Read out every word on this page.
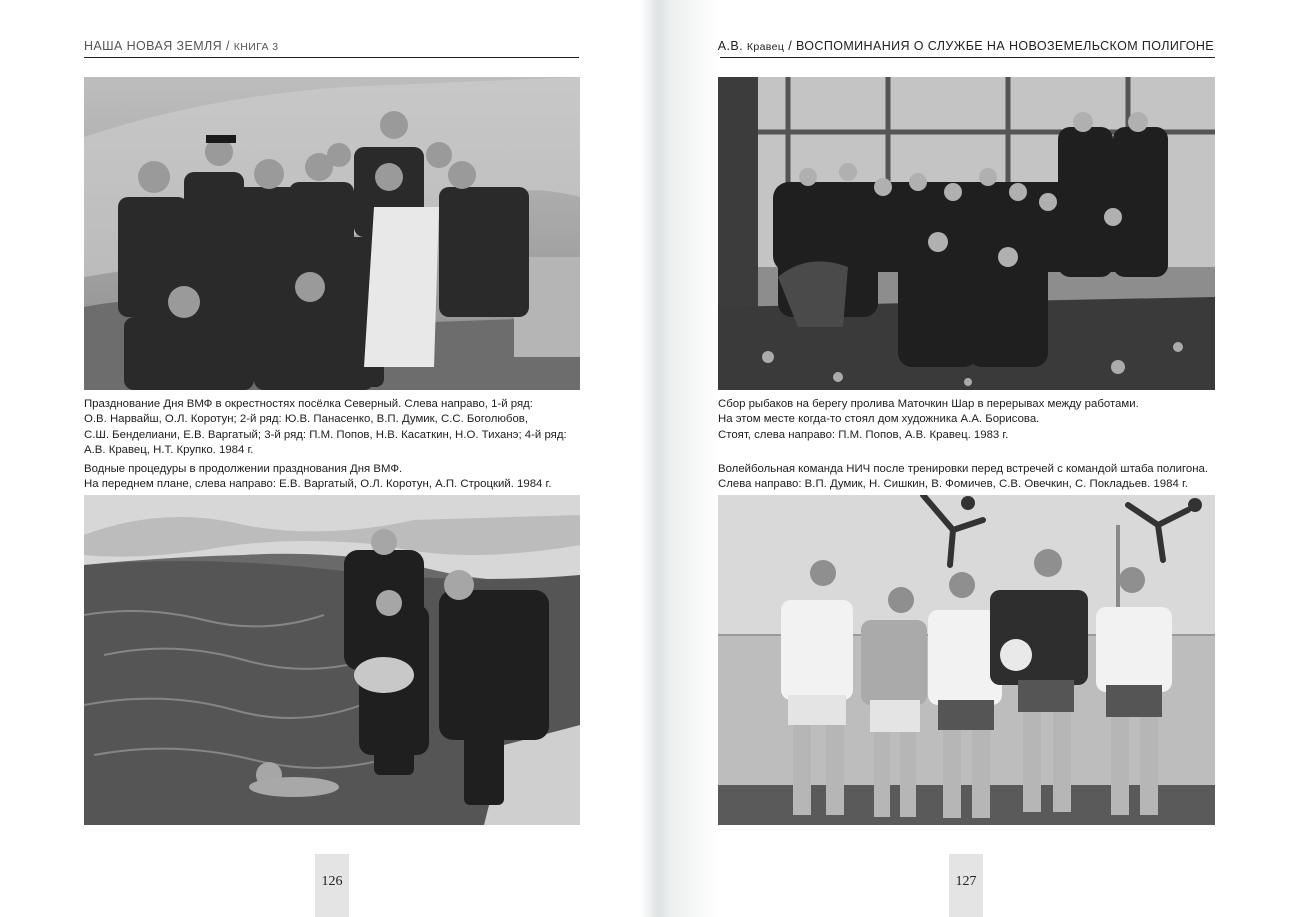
НАША НОВАЯ ЗЕМЛЯ / КНИГА 3	А.В. Кравец / ВОСПОМИНАНИЯ О СЛУЖБЕ НА НОВОЗЕМЕЛЬСКОМ ПОЛИГОНЕ
Празднование Дня ВМФ в окрестностях посёлка Северный. Слева направо, 1-й ряд:
О.В. Нарвайш, О.Л. Коротун; 2-й ряд: Ю.В. Панасенко, В.П. Думик, С.С. Боголюбов,
С.Ш. Бенделиани, Е.В. Варгатый; 3-й ряд: П.М. Попов, Н.В. Касаткин, Н.О. Тиханэ; 4-й ряд:
А.В. Кравец, Н.Т. Крупко. 1984 г.
Водные процедуры в продолжении празднования Дня ВМФ.
На переднем плане, слева направо: Е.В. Варгатый, О.Л. Коротун, А.П. Строцкий. 1984 г.
126
Сбор рыбаков на берегу пролива Маточкин Шар в перерывах между работами.
На этом месте когда-то стоял дом художника А.А. Борисова.
Стоят, слева направо: П.М. Попов, А.В. Кравец. 1983 г.
Волейбольная команда НИЧ после тренировки перед встречей с командой штаба полигона.
Слева направо: В.П. Думик, Н. Сишкин, В. Фомичев, С.В. Овечкин, С. Покладьев. 1984 г.
127
